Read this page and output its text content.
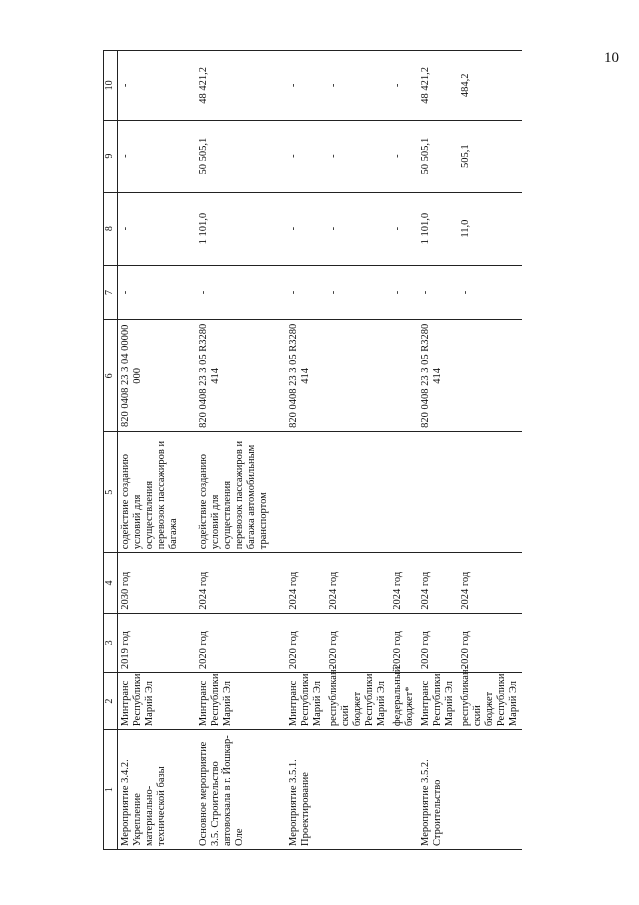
10
1	2	3	4	5	6	7	8	9	10
Мероприятие 3.4.2. Укрепление материально-технической базы	Минтранс Республики Марий Эл	2019 год	2030 год	содействие созданию условий для осуществления перевозок пассажиров и багажа	820 0408 23 3 04 00000 000	-	-	-	-

Основное мероприятие 3.5. Строительство автовокзала в г. Йошкар-Оле	Минтранс Республики Марий Эл	2020 год	2024 год	содействие созданию условий для осуществления перевозок пассажиров и багажа автомобильным транспортом	820 0408 23 3 05 R3280 414	-	1 101,0	50 505,1	48 421,2

Мероприятие 3.5.1. Проектирование	Минтранс Республики Марий Эл	2020 год	2024 год		820 0408 23 3 05 R3280 414	-	-	-	-
	республикан-ский бюджет Республики Марий Эл	2020 год	2024 год			-	-	-	-
	федеральный бюджет*	2020 год	2024 год			-	-	-	-
Мероприятие 3.5.2. Строительство	Минтранс Республики Марий Эл	2020 год	2024 год		820 0408 23 3 05 R3280 414	-	1 101,0	50 505,1	48 421,2
	республикан-ский бюджет Республики Марий Эл	2020 год	2024 год			-	11,0	505,1	484,2
